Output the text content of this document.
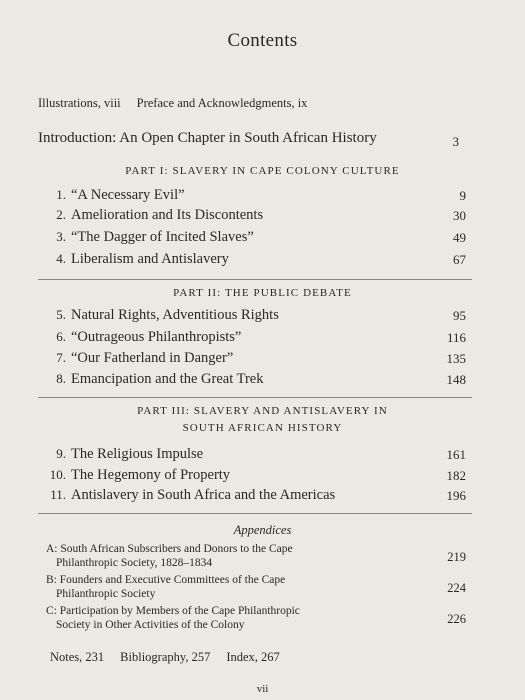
Contents
Illustrations, viii Preface and Acknowledgments, ix
Introduction: An Open Chapter in South African History	3
PART I: SLAVERY IN CAPE COLONY CULTURE
1. “A Necessary Evil”	9
2. Amelioration and Its Discontents	30
3. “The Dagger of Incited Slaves”	49
4. Liberalism and Antislavery	67
PART II: THE PUBLIC DEBATE
5. Natural Rights, Adventitious Rights	95
6. “Outrageous Philanthropists”	116
7. “Our Fatherland in Danger”	135
8. Emancipation and the Great Trek	148
PART III: SLAVERY AND ANTISLAVERY IN
SOUTH AFRICAN HISTORY
9. The Religious Impulse	161
10. The Hegemony of Property	182
11. Antislavery in South Africa and the Americas	196
Appendices
A: South African Subscribers and Donors to the Cape
Philanthropic Society, 1828–1834	219
B: Founders and Executive Committees of the Cape
Philanthropic Society	224
C: Participation by Members of the Cape Philanthropic
Society in Other Activities of the Colony	226
Notes, 231 Bibliography, 257 Index, 267
vii
